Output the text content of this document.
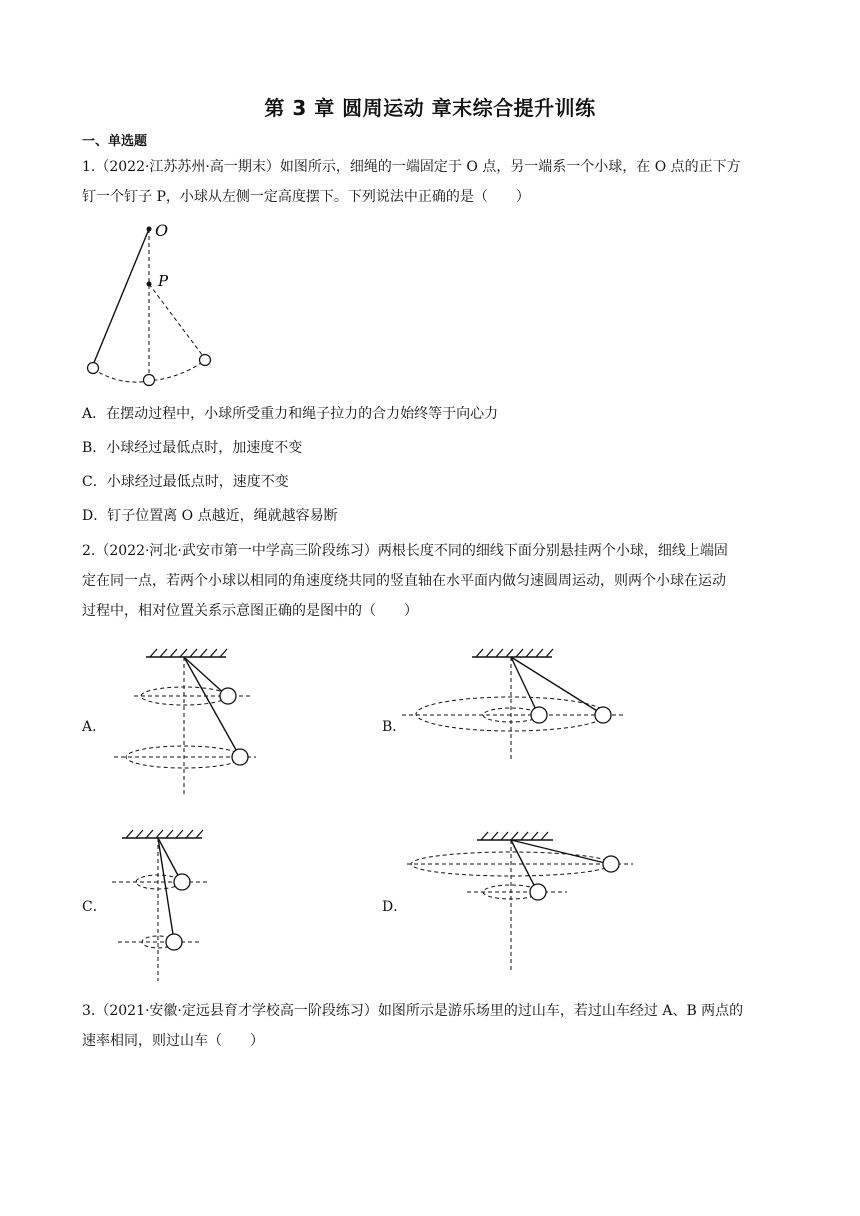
第 3 章 圆周运动 章末综合提升训练
一、单选题
1.（2022·江苏苏州·高一期末）如图所示，细绳的一端固定于 O 点，另一端系一个小球，在 O 点的正下方
钉一个钉子 P，小球从左侧一定高度摆下。下列说法中正确的是（　　）
O
P
A．在摆动过程中，小球所受重力和绳子拉力的合力始终等于向心力
B．小球经过最低点时，加速度不变
C．小球经过最低点时，速度不变
D．钉子位置离 O 点越近，绳就越容易断
2.（2022·河北·武安市第一中学高三阶段练习）两根长度不同的细线下面分别悬挂两个小球，细线上端固
定在同一点，若两个小球以相同的角速度绕共同的竖直轴在水平面内做匀速圆周运动，则两个小球在运动
过程中，相对位置关系示意图正确的是图中的（　　）
A．	B．
C．	D．
3.（2021·安徽·定远县育才学校高一阶段练习）如图所示是游乐场里的过山车，若过山车经过 A、B 两点的
速率相同，则过山车（　　）
